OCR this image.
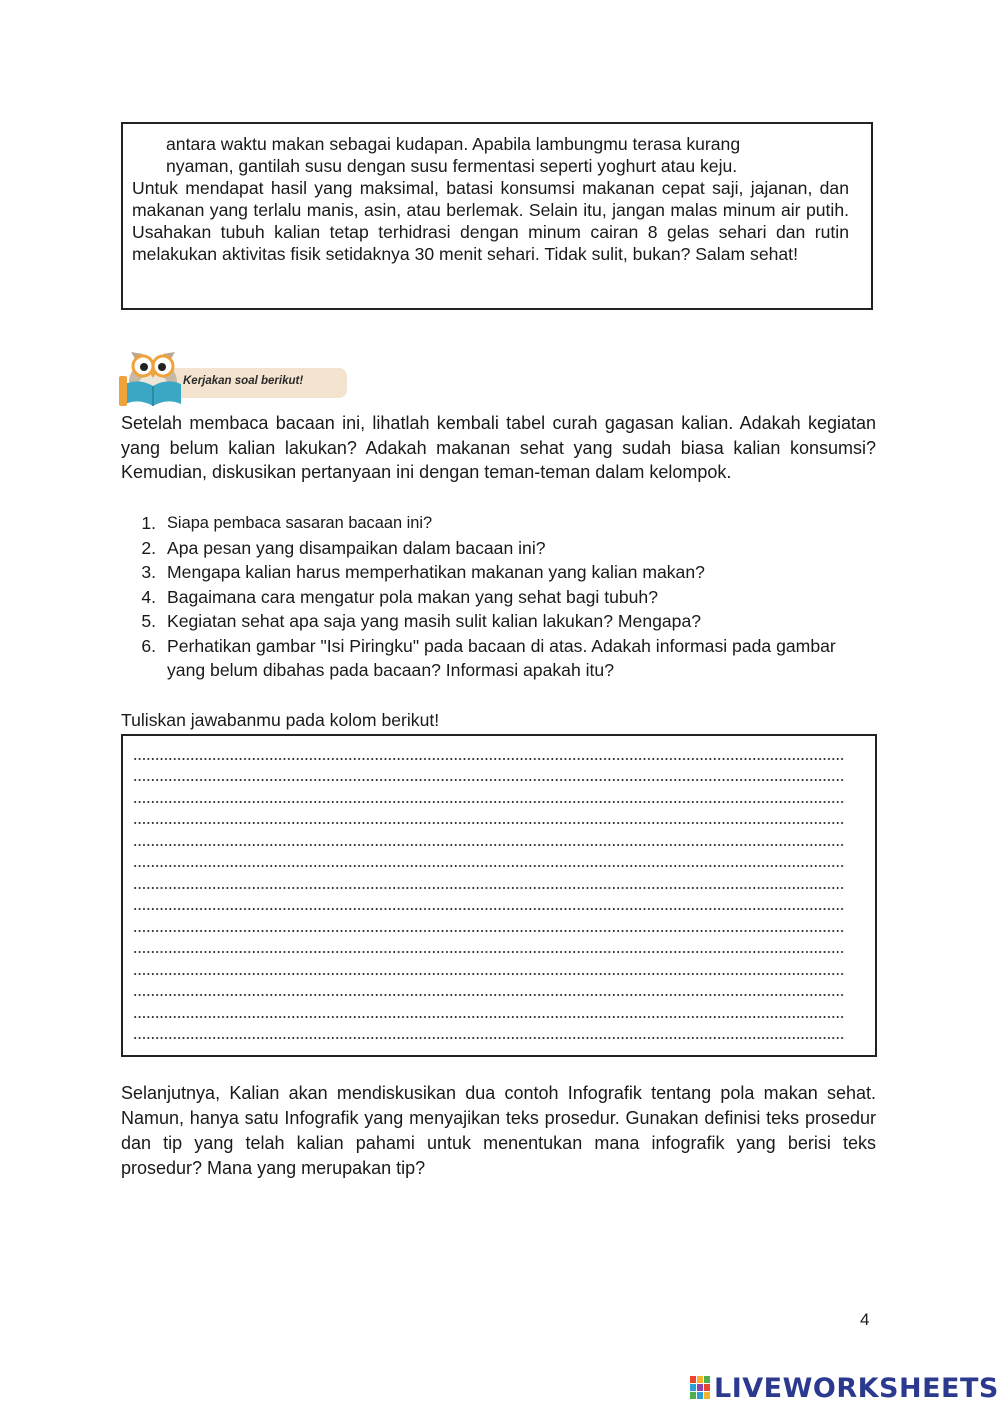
antara waktu makan sebagai kudapan. Apabila lambungmu terasa kurang

nyaman, gantilah susu dengan susu fermentasi seperti yoghurt atau keju.

Untuk mendapat hasil yang maksimal, batasi konsumsi makanan cepat saji, jajanan, dan makanan yang terlalu manis, asin, atau berlemak. Selain itu, jangan malas minum air putih. Usahakan tubuh kalian tetap terhidrasi dengan minum cairan 8 gelas sehari dan rutin melakukan aktivitas fisik setidaknya 30 menit sehari. Tidak sulit, bukan? Salam sehat!

Kerjakan soal berikut!

Setelah membaca bacaan ini, lihatlah kembali tabel curah gagasan kalian. Adakah kegiatan yang belum kalian lakukan? Adakah makanan sehat yang sudah biasa kalian konsumsi? Kemudian, diskusikan pertanyaan ini dengan teman-teman dalam kelompok.

1. Siapa pembaca sasaran bacaan ini?
2. Apa pesan yang disampaikan dalam bacaan ini?
3. Mengapa kalian harus memperhatikan makanan yang kalian makan?
4. Bagaimana cara mengatur pola makan yang sehat bagi tubuh?
5. Kegiatan sehat apa saja yang masih sulit kalian lakukan? Mengapa?
6. Perhatikan gambar "Isi Piringku" pada bacaan di atas. Adakah informasi pada gambar yang belum dibahas pada bacaan? Informasi apakah itu?

Tuliskan jawabanmu pada kolom berikut!

Selanjutnya, Kalian akan mendiskusikan dua contoh Infografik tentang pola makan sehat. Namun, hanya satu Infografik yang menyajikan teks prosedur. Gunakan definisi teks prosedur dan tip yang telah kalian pahami untuk menentukan mana infografik yang berisi teks prosedur? Mana yang merupakan tip?

4
LIVEWORKSHEETS
